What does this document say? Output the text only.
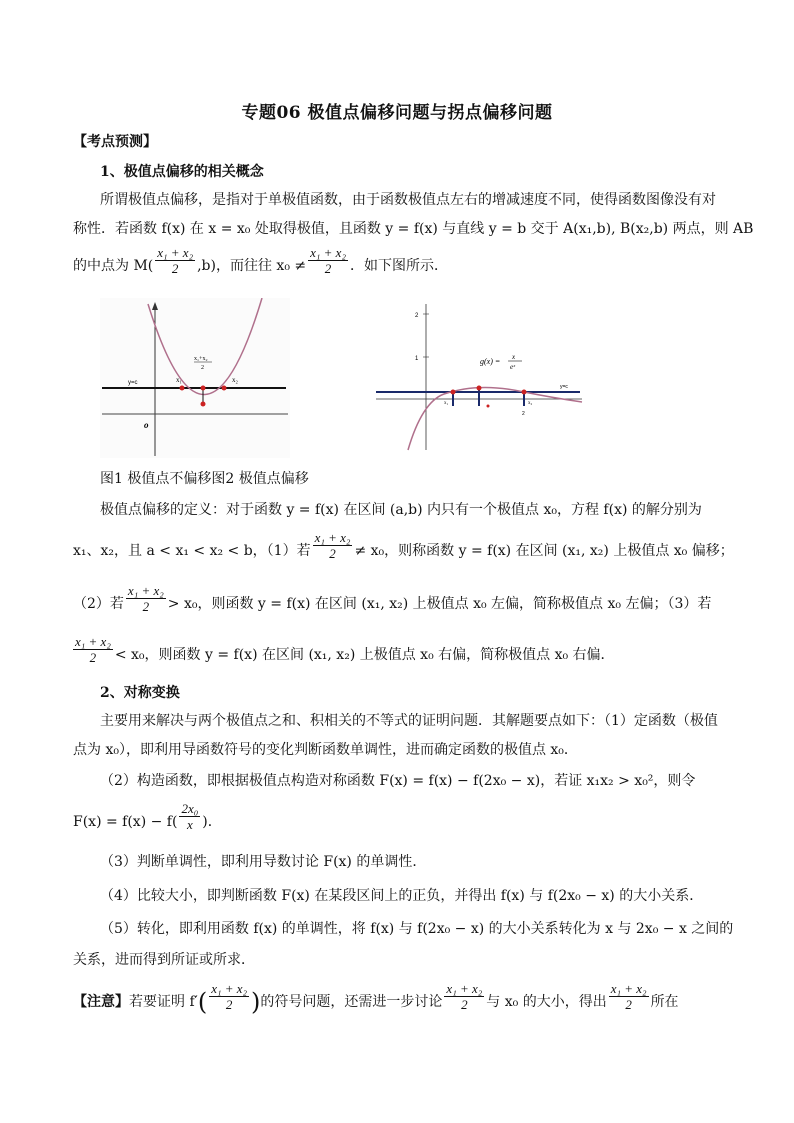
专题06 极值点偏移问题与拐点偏移问题
【考点预测】
1、极值点偏移的相关概念
所谓极值点偏移，是指对于单极值函数，由于函数极值点左右的增减速度不同，使得函数图像没有对
称性．若函数 f(x) 在 x = x₀ 处取得极值，且函数 y = f(x) 与直线 y = b 交于 A(x₁,b), B(x₂,b) 两点，则 AB
的中点为 $M( \frac{\text{x₁ + x₂}}{2} ,b)$，而往往 $x_0 \ne \frac{\text{x₁ + x₂}}{2}$ ．如下图所示．
y=c	x₁	x₂
x₁+x₂
2
o
2
1
y=c
g(x) = x
eˣ
x₁	x₂
2
图1 极值点不偏移图2 极值点偏移
极值点偏移的定义：对于函数 y = f(x) 在区间 (a,b) 内只有一个极值点 x₀，方程 f(x) 的解分别为
x₁、x₂，且 a < x₁ < x₂ < b，（1）若 $\frac{\text{x₁ + x₂}}{2} \ne x_0$，则称函数 y = f(x) 在区间 (x₁, x₂) 上极值点 x₀ 偏移；
（2）若 $\frac{\text{x₁ + x₂}}{2} > x_0$，则函数 y = f(x) 在区间 (x₁, x₂) 上极值点 x₀ 左偏，简称极值点 x₀ 左偏；（3）若
$\frac{\text{x₁ + x₂}}{2} < x_0$，则函数 y = f(x) 在区间 (x₁, x₂) 上极值点 x₀ 右偏，简称极值点 x₀ 右偏．
2、对称变换
主要用来解决与两个极值点之和、积相关的不等式的证明问题．其解题要点如下：（1）定函数（极值
点为 x₀），即利用导函数符号的变化判断函数单调性，进而确定函数的极值点 x₀．
（2）构造函数，即根据极值点构造对称函数 F(x) = f(x) − f(2x₀ − x)，若证 x₁x₂ > x₀²，则令
$F(x) = f(x) - f( \frac{\text{2x₀}}{x}$ )．
（3）判断单调性，即利用导数讨论 F(x) 的单调性．
（4）比较大小，即判断函数 F(x) 在某段区间上的正负，并得出 f(x) 与 f(2x₀ − x) 的大小关系．
（5）转化，即利用函数 f(x) 的单调性，将 f(x) 与 f(2x₀ − x) 的大小关系转化为 x 与 2x₀ − x 之间的
关系，进而得到所证或所求．
【注意】若要证明 $f'( \frac{\text{x₁ + x₂}}{2}$ )的符号问题，还需进一步讨论 $\frac{\text{x₁ + x₂}}{2}$ 与 x₀ 的大小，得出 $\frac{\text{x₁ + x₂}}{2}$ 所在
